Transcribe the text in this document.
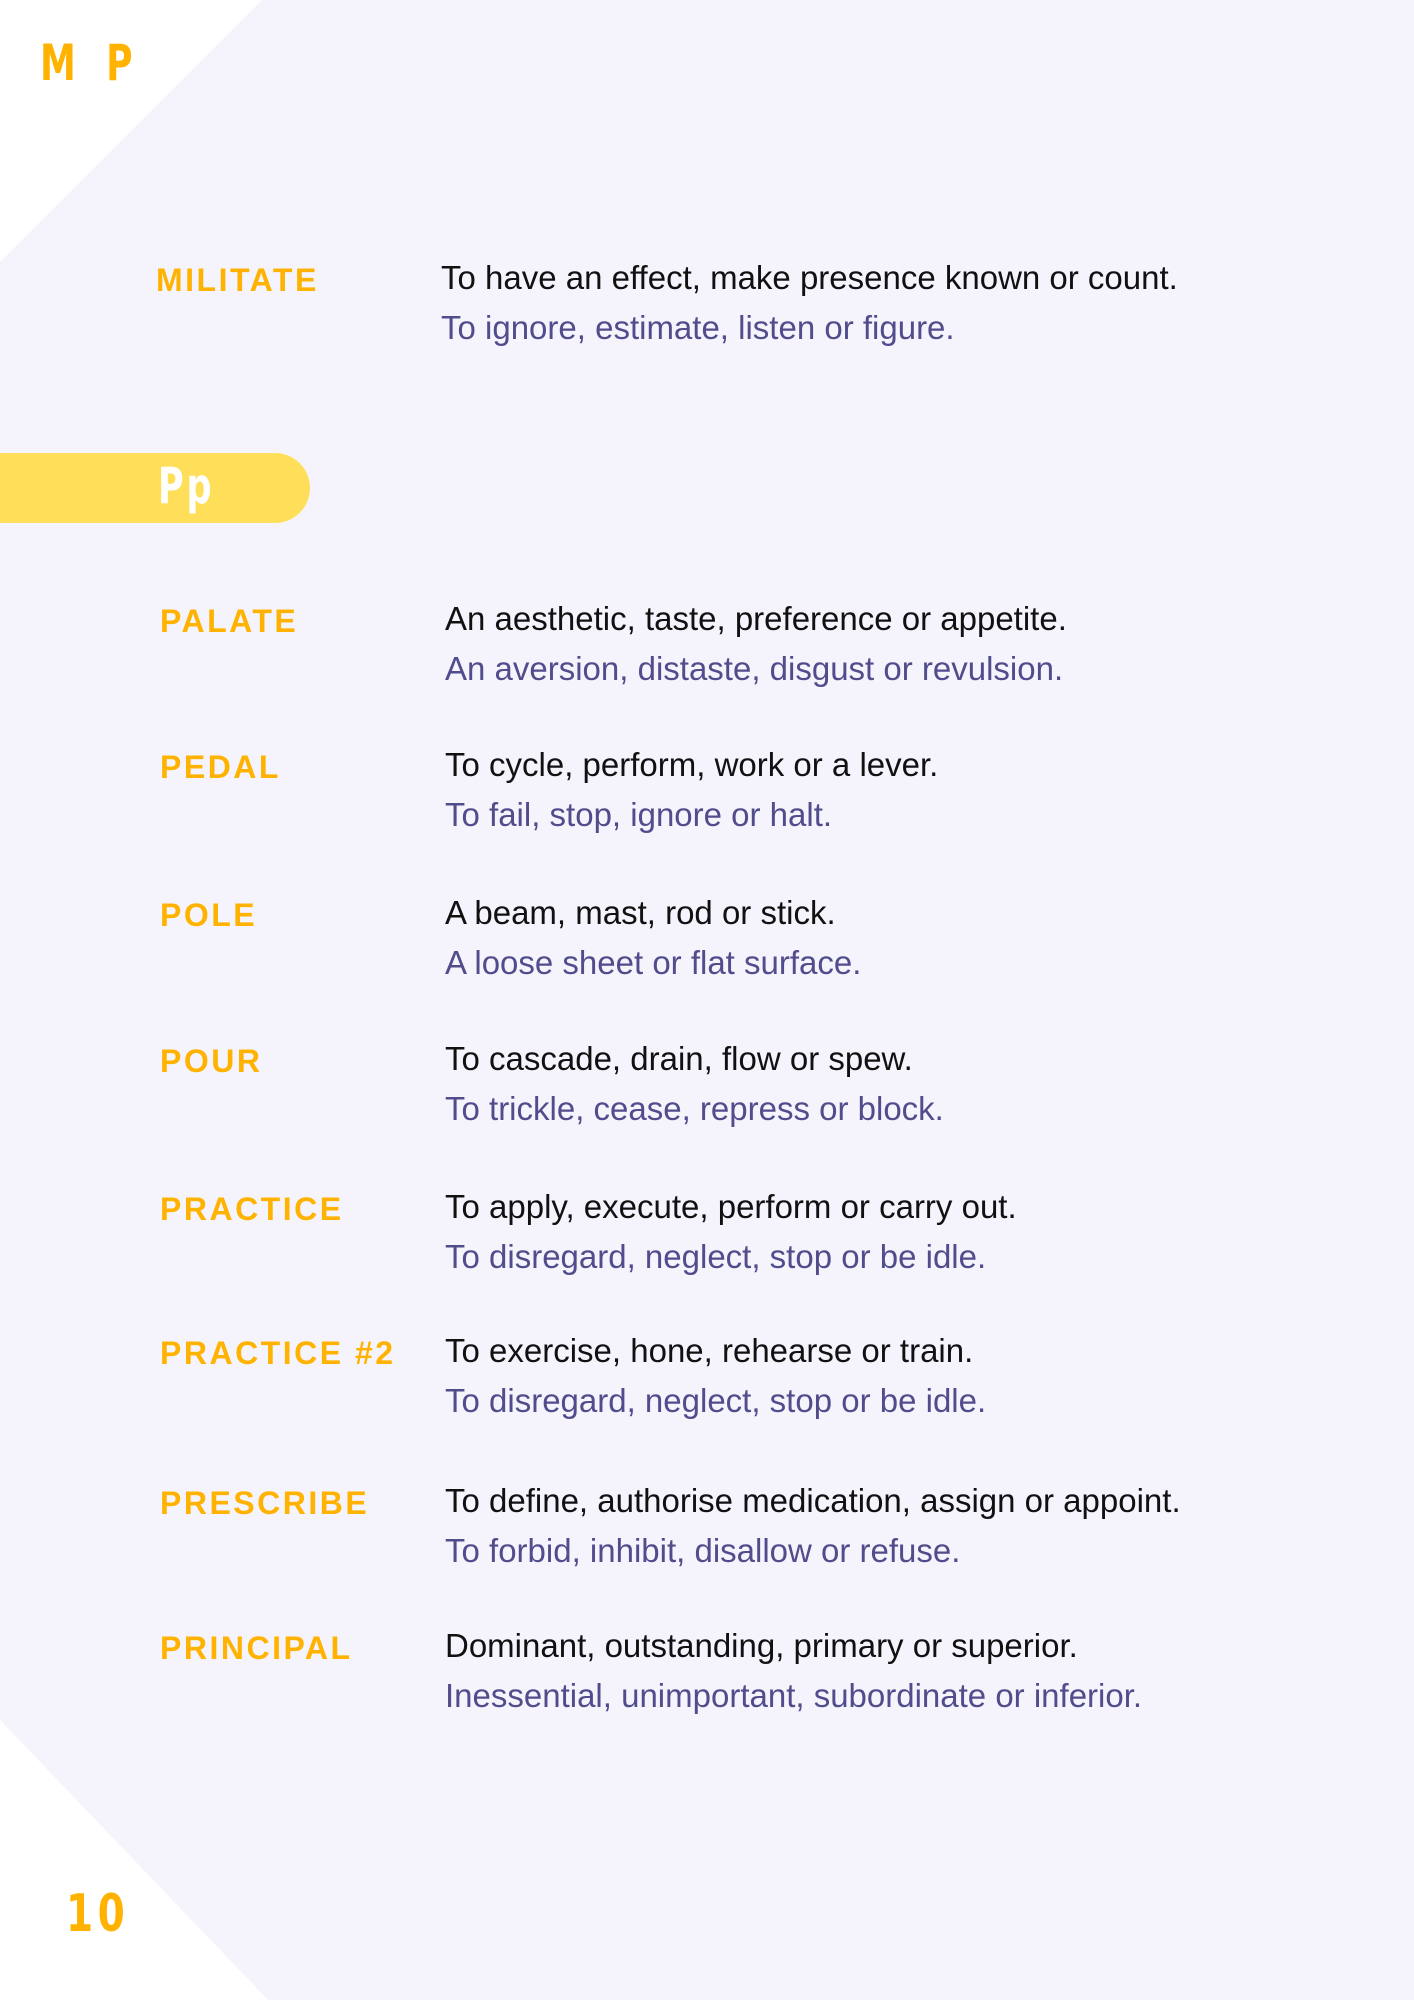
M P
MILITATE	To have an effect, make presence known or count.
To ignore, estimate, listen or figure.
Pp
PALATE	An aesthetic, taste, preference or appetite.
An aversion, distaste, disgust or revulsion.
PEDAL	To cycle, perform, work or a lever.
To fail, stop, ignore or halt.
POLE	A beam, mast, rod or stick.
A loose sheet or flat surface.
POUR	To cascade, drain, flow or spew.
To trickle, cease, repress or block.
PRACTICE	To apply, execute, perform or carry out.
To disregard, neglect, stop or be idle.
PRACTICE #2 To exercise, hone, rehearse or train.
To disregard, neglect, stop or be idle.
PRESCRIBE To define, authorise medication, assign or appoint.
To forbid, inhibit, disallow or refuse.
PRINCIPAL	Dominant, outstanding, primary or superior.
Inessential, unimportant, subordinate or inferior.
10
